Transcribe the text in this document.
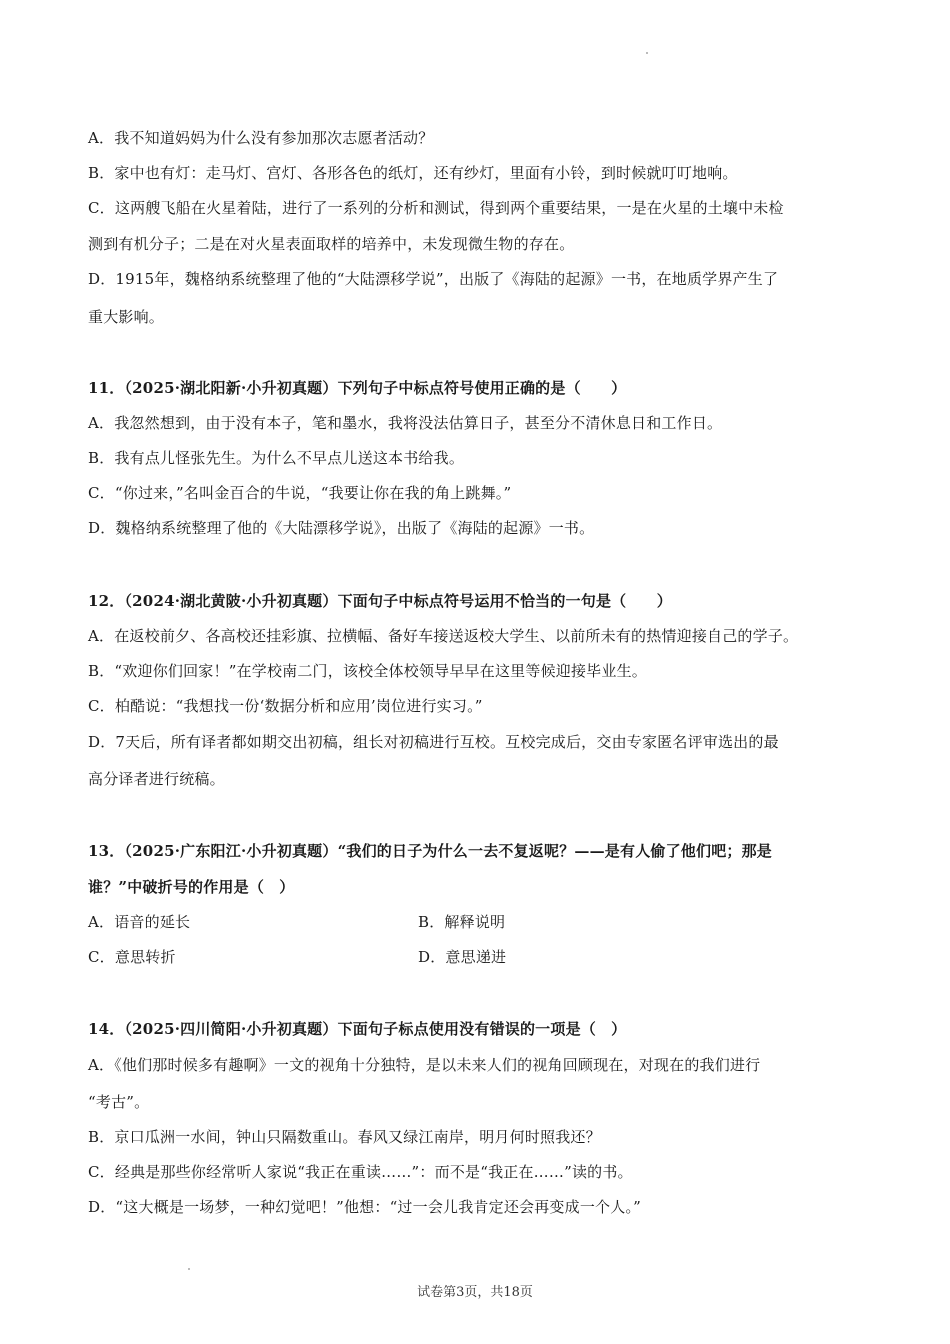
A．我不知道妈妈为什么没有参加那次志愿者活动？
B．家中也有灯：走马灯、宫灯、各形各色的纸灯，还有纱灯，里面有小铃，到时候就叮叮地响。
C．这两艘飞船在火星着陆，进行了一系列的分析和测试，得到两个重要结果，一是在火星的土壤中未检
测到有机分子；二是在对火星表面取样的培养中，未发现微生物的存在。
D．1915年，魏格纳系统整理了他的“大陆漂移学说”，出版了《海陆的起源》一书，在地质学界产生了
重大影响。
11．（2025·湖北阳新·小升初真题）下列句子中标点符号使用正确的是（　　）
A．我忽然想到，由于没有本子，笔和墨水，我将没法估算日子，甚至分不清休息日和工作日。
B．我有点儿怪张先生。为什么不早点儿送这本书给我。
C．“你过来，”名叫金百合的牛说，“我要让你在我的角上跳舞。”
D．魏格纳系统整理了他的《大陆漂移学说》，出版了《海陆的起源》一书。
12．（2024·湖北黄陂·小升初真题）下面句子中标点符号运用不恰当的一句是（　　）
A．在返校前夕、各高校还挂彩旗、拉横幅、备好车接送返校大学生、以前所未有的热情迎接自己的学子。
B．“欢迎你们回家！”在学校南二门，该校全体校领导早早在这里等候迎接毕业生。
C．柏酷说：“我想找一份‘数据分析和应用’岗位进行实习。”
D．7天后，所有译者都如期交出初稿，组长对初稿进行互校。互校完成后，交由专家匿名评审选出的最
高分译者进行统稿。
13．（2025·广东阳江·小升初真题）“我们的日子为什么一去不复返呢？——是有人偷了他们吧；那是
谁？”中破折号的作用是（　）
A．语音的延长	B．解释说明
C．意思转折	D．意思递进
14．（2025·四川简阳·小升初真题）下面句子标点使用没有错误的一项是（　）
A．《他们那时候多有趣啊》一文的视角十分独特，是以未来人们的视角回顾现在，对现在的我们进行
“考古”。
B．京口瓜洲一水间，钟山只隔数重山。春风又绿江南岸，明月何时照我还？
C．经典是那些你经常听人家说“我正在重读……”：而不是“我正在……”读的书。
D．“这大概是一场梦，一种幻觉吧！”他想：“过一会儿我肯定还会再变成一个人。”
试卷第3页，共18页
